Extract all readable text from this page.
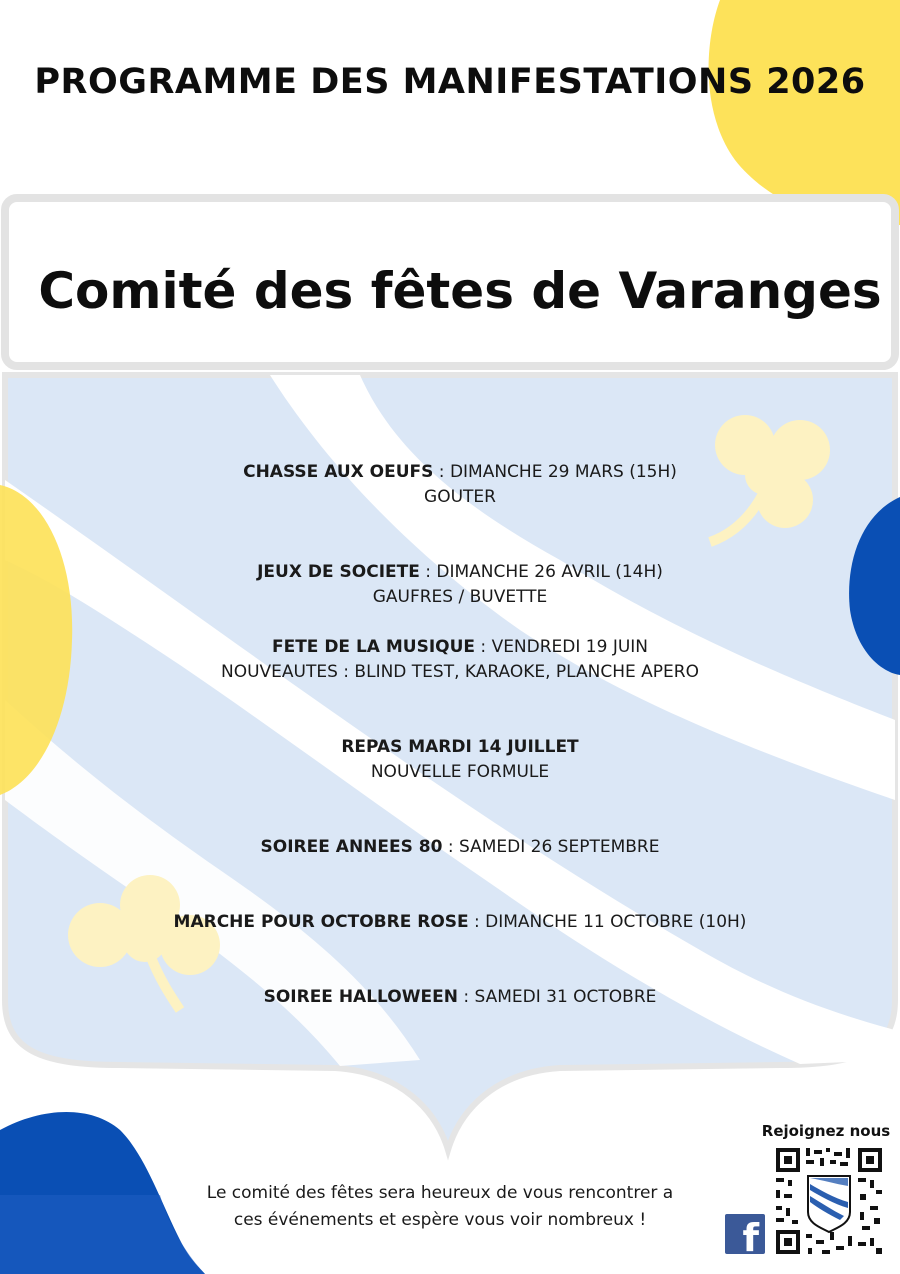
PROGRAMME DES MANIFESTATIONS 2026
Comité des fêtes de Varanges
CHASSE AUX OEUFS : DIMANCHE 29 MARS (15H)
GOUTER
JEUX DE SOCIETE : DIMANCHE 26 AVRIL (14H)
GAUFRES / BUVETTE
FETE DE LA MUSIQUE : VENDREDI 19 JUIN
NOUVEAUTES : BLIND TEST, KARAOKE, PLANCHE APERO
REPAS MARDI 14 JUILLET
NOUVELLE FORMULE
SOIREE ANNEES 80 : SAMEDI 26 SEPTEMBRE
MARCHE POUR OCTOBRE ROSE : DIMANCHE 11 OCTOBRE (10H)
SOIREE HALLOWEEN : SAMEDI 31 OCTOBRE
Le comité des fêtes sera heureux de vous rencontrer a
ces événements et espère vous voir nombreux !
Rejoignez nous
f
